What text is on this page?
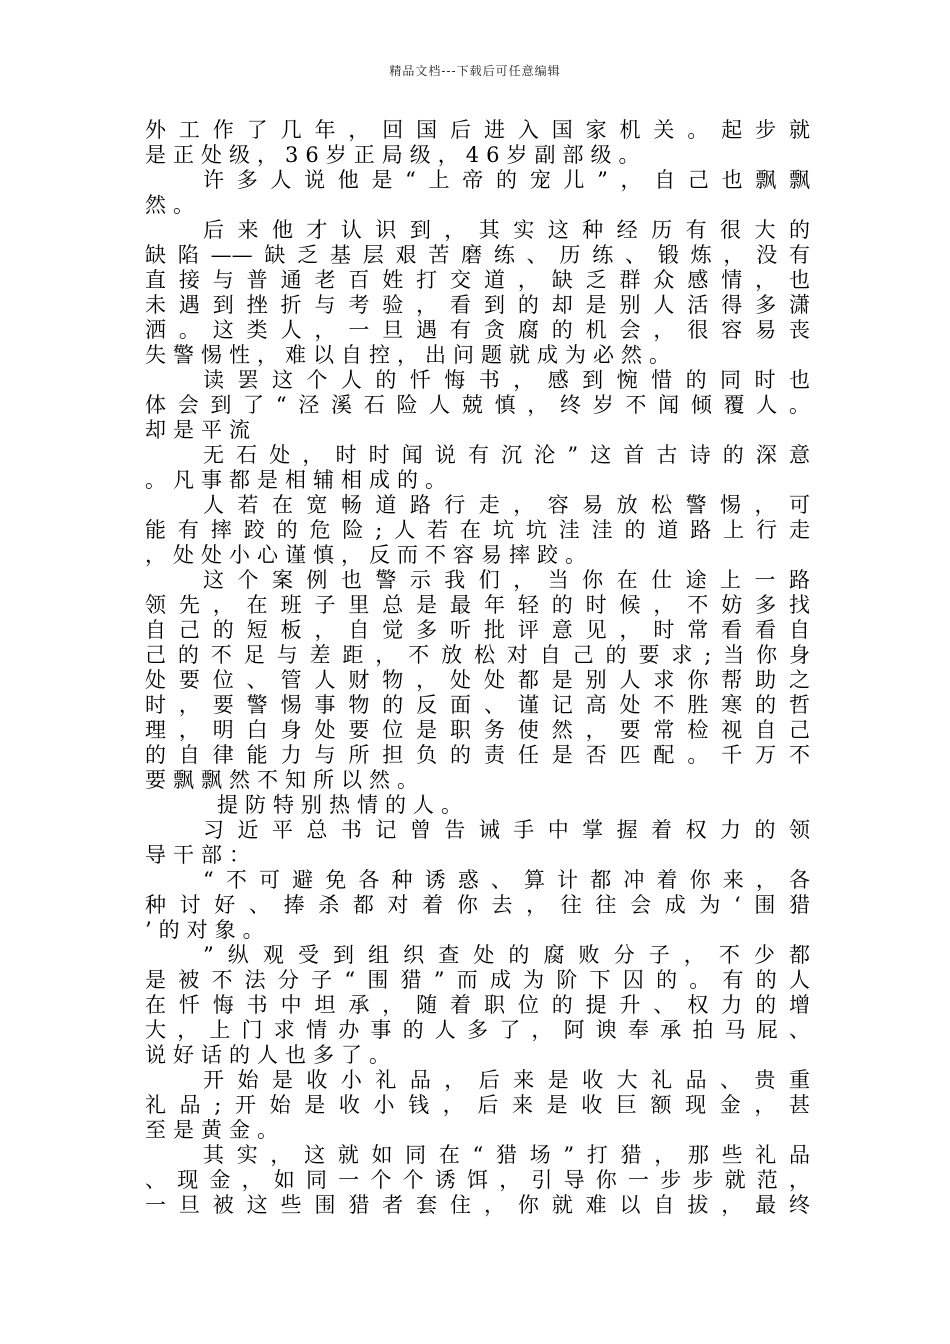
精品文档---下载后可任意编辑
外工作了几年，回国后进入国家机关。起步就
是正处级，36岁正局级，46岁副部级。
许多人说他是“上帝的宠儿”，自己也飘飘
然。
后来他才认识到，其实这种经历有很大的
缺陷——缺乏基层艰苦磨练、历练、锻炼，没有
直接与普通老百姓打交道，缺乏群众感情，也
未遇到挫折与考验，看到的却是别人活得多潇
洒。这类人，一旦遇有贪腐的机会，很容易丧
失警惕性，难以自控，出问题就成为必然。
读罢这个人的忏悔书，感到惋惜的同时也
体会到了“泾溪石险人兢慎，终岁不闻倾覆人。
却是平流
无石处，时时闻说有沉沦”这首古诗的深意
。凡事都是相辅相成的。
人若在宽畅道路行走，容易放松警惕，可
能有摔跤的危险;人若在坑坑洼洼的道路上行走
，处处小心谨慎，反而不容易摔跤。
这个案例也警示我们，当你在仕途上一路
领先，在班子里总是最年轻的时候，不妨多找
自己的短板，自觉多听批评意见，时常看看自
己的不足与差距，不放松对自己的要求;当你身
处要位、管人财物，处处都是别人求你帮助之
时，要警惕事物的反面、谨记高处不胜寒的哲
理，明白身处要位是职务使然，要常检视自己
的自律能力与所担负的责任是否匹配。千万不
要飘飘然不知所以然。
提防特别热情的人。
习近平总书记曾告诫手中掌握着权力的领
导干部：
“不可避免各种诱惑、算计都冲着你来，各
种讨好、捧杀都对着你去，往往会成为‘围猎
’的对象。
”纵观受到组织查处的腐败分子，不少都
是被不法分子“围猎”而成为阶下囚的。有的人
在忏悔书中坦承，随着职位的提升、权力的增
大，上门求情办事的人多了，阿谀奉承拍马屁、
说好话的人也多了。
开始是收小礼品，后来是收大礼品、贵重
礼品;开始是收小钱，后来是收巨额现金，甚
至是黄金。
其实，这就如同在“猎场”打猎，那些礼品
、现金，如同一个个诱饵，引导你一步步就范，
一旦被这些围猎者套住，你就难以自拔，最终
